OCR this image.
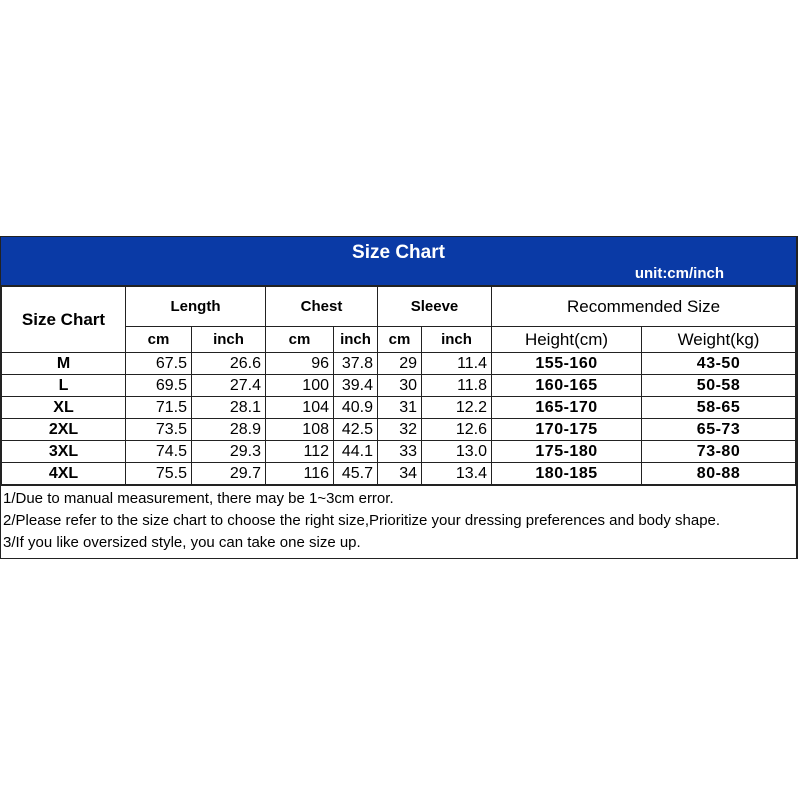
Size Chart
unit:cm/inch
Size Chart	Length		Chest		Sleeve		Recommended Size	
	cm	inch	cm	inch	cm	inch	Height(cm)	Weight(kg)
M	67.5	26.6	96	37.8	29	11.4	155-160	43-50
L	69.5	27.4	100	39.4	30	11.8	160-165	50-58
XL	71.5	28.1	104	40.9	31	12.2	165-170	58-65
2XL	73.5	28.9	108	42.5	32	12.6	170-175	65-73
3XL	74.5	29.3	112	44.1	33	13.0	175-180	73-80
4XL	75.5	29.7	116	45.7	34	13.4	180-185	80-88
1/Due to manual measurement, there may be 1~3cm error.
2/Please refer to the size chart to choose the right size,Prioritize your dressing preferences and body shape.
3/If you like oversized style, you can take one size up.
